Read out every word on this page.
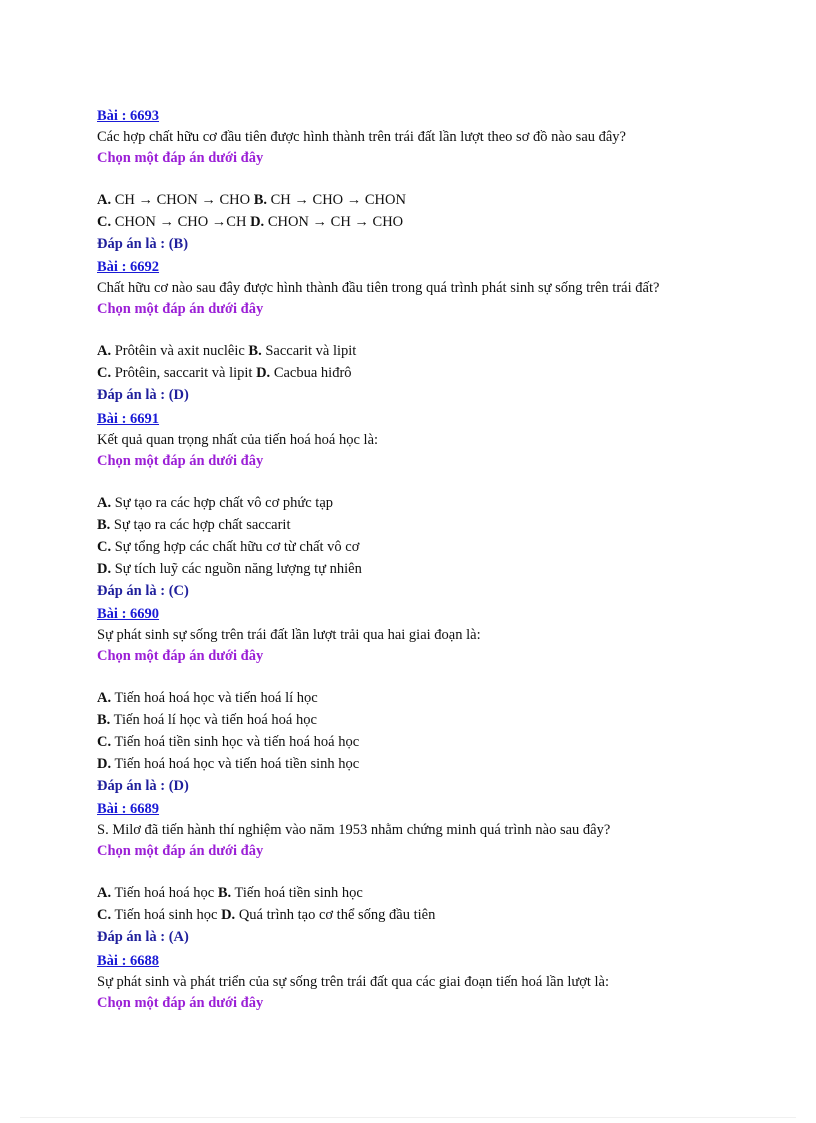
Bài : 6693
Các hợp chất hữu cơ đầu tiên được hình thành trên trái đất lần lượt theo sơ đồ nào sau đây?
Chọn một đáp án dưới đây
A. CH → CHON → CHO B. CH → CHO → CHON
C. CHON → CHO →CH D. CHON → CH → CHO
Đáp án là : (B)
Bài : 6692
Chất hữu cơ nào sau đây được hình thành đầu tiên trong quá trình phát sinh sự sống trên trái đất?
Chọn một đáp án dưới đây
A. Prôtêin và axit nuclêic B. Saccarit và lipit
C. Prôtêin, saccarit và lipit D. Cacbua hiđrô
Đáp án là : (D)
Bài : 6691
Kết quả quan trọng nhất của tiến hoá hoá học là:
Chọn một đáp án dưới đây
A. Sự tạo ra các hợp chất vô cơ phức tạp
B. Sự tạo ra các hợp chất saccarit
C. Sự tổng hợp các chất hữu cơ từ chất vô cơ
D. Sự tích luỹ các nguồn năng lượng tự nhiên
Đáp án là : (C)
Bài : 6690
Sự phát sinh sự sống trên trái đất lần lượt trải qua hai giai đoạn là:
Chọn một đáp án dưới đây
A. Tiến hoá hoá học và tiến hoá lí học
B. Tiến hoá lí học và tiến hoá hoá học
C. Tiến hoá tiền sinh học và tiến hoá hoá học
D. Tiến hoá hoá học và tiến hoá tiền sinh học
Đáp án là : (D)
Bài : 6689
S. Milơ đã tiến hành thí nghiệm vào năm 1953 nhằm chứng minh quá trình nào sau đây?
Chọn một đáp án dưới đây
A. Tiến hoá hoá học B. Tiến hoá tiền sinh học
C. Tiến hoá sinh học D. Quá trình tạo cơ thể sống đầu tiên
Đáp án là : (A)
Bài : 6688
Sự phát sinh và phát triển của sự sống trên trái đất qua các giai đoạn tiến hoá lần lượt là:
Chọn một đáp án dưới đây
